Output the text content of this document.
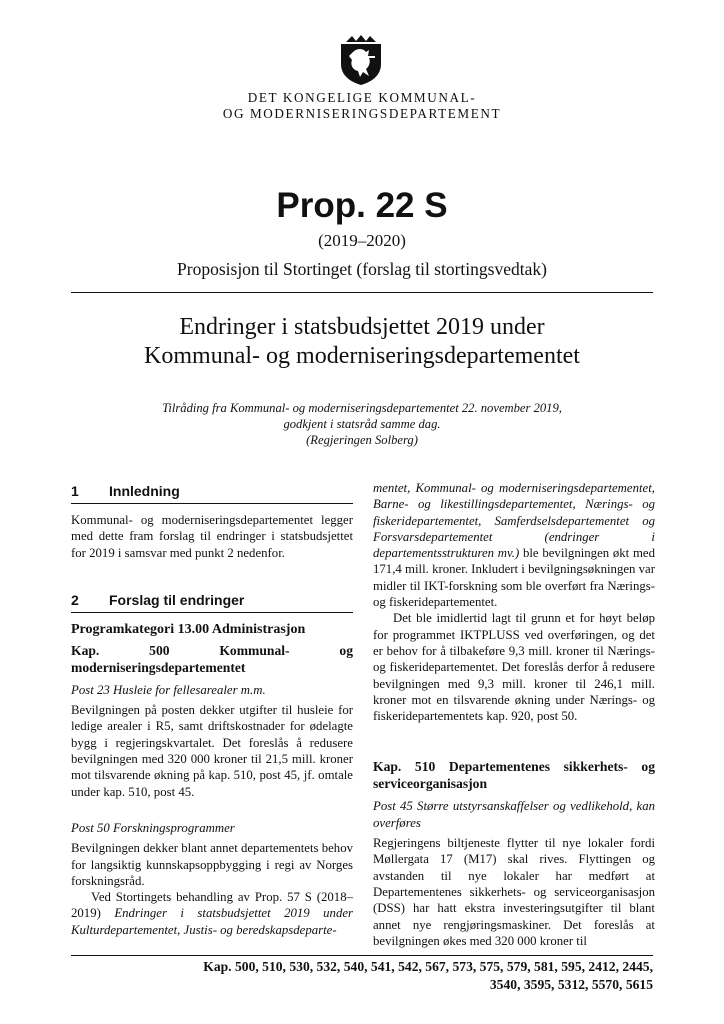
DET KONGELIGE KOMMUNAL-
OG MODERNISERINGSDEPARTEMENT
Prop. 22 S
(2019–2020)
Proposisjon til Stortinget (forslag til stortingsvedtak)
Endringer i statsbudsjettet 2019 under
Kommunal- og moderniseringsdepartementet
Tilråding fra Kommunal- og moderniseringsdepartementet 22. november 2019,
godkjent i statsråd samme dag.
(Regjeringen Solberg)
1	Innledning

Kommunal- og moderniseringsdepartementet legger med dette fram forslag til endringer i statsbudsjettet for 2019 i samsvar med punkt 2 nedenfor.

2	Forslag til endringer

Programkategori 13.00 Administrasjon

Kap. 500 Kommunal- og moderniseringsdepartementet

Post 23 Husleie for fellesarealer m.m.

Bevilgningen på posten dekker utgifter til husleie for ledige arealer i R5, samt driftskostnader for ødelagte bygg i regjeringskvartalet. Det foreslås å redusere bevilgningen med 320 000 kroner til 21,5 mill. kroner mot tilsvarende økning på kap. 510, post 45, jf. omtale under kap. 510, post 45.

Post 50 Forskningsprogrammer

Bevilgningen dekker blant annet departementets behov for langsiktig kunnskapsoppbygging i regi av Norges forskningsråd.

Ved Stortingets behandling av Prop. 57 S (2018–2019) Endringer i statsbudsjettet 2019 under Kulturdepartementet, Justis- og beredskapsdeparte-

mentet, Kommunal- og moderniseringsdepartementet, Barne- og likestillingsdepartementet, Nærings- og fiskeridepartementet, Samferdselsdepartementet og Forsvarsdepartementet (endringer i departementsstrukturen mv.) ble bevilgningen økt med 171,4 mill. kroner. Inkludert i bevilgningsøkningen var midler til IKT-forskning som ble overført fra Nærings- og fiskeridepartementet.

Det ble imidlertid lagt til grunn et for høyt beløp for programmet IKTPLUSS ved overføringen, og det er behov for å tilbakeføre 9,3 mill. kroner til Nærings- og fiskeridepartementet. Det foreslås derfor å redusere bevilgningen med 9,3 mill. kroner til 246,1 mill. kroner mot en tilsvarende økning under Nærings- og fiskeridepartementets kap. 920, post 50.

Kap. 510 Departementenes sikkerhets- og serviceorganisasjon

Post 45 Større utstyrsanskaffelser og vedlikehold, kan overføres

Regjeringens biltjeneste flytter til nye lokaler fordi Møllergata 17 (M17) skal rives. Flyttingen og avstanden til nye lokaler har medført at Departementenes sikkerhets- og serviceorganisasjon (DSS) har hatt ekstra investeringsutgifter til blant annet nye rengjøringsmaskiner. Det foreslås at bevilgningen økes med 320 000 kroner til

Kap. 500, 510, 530, 532, 540, 541, 542, 567, 573, 575, 579, 581, 595, 2412, 2445,
3540, 3595, 5312, 5570, 5615
